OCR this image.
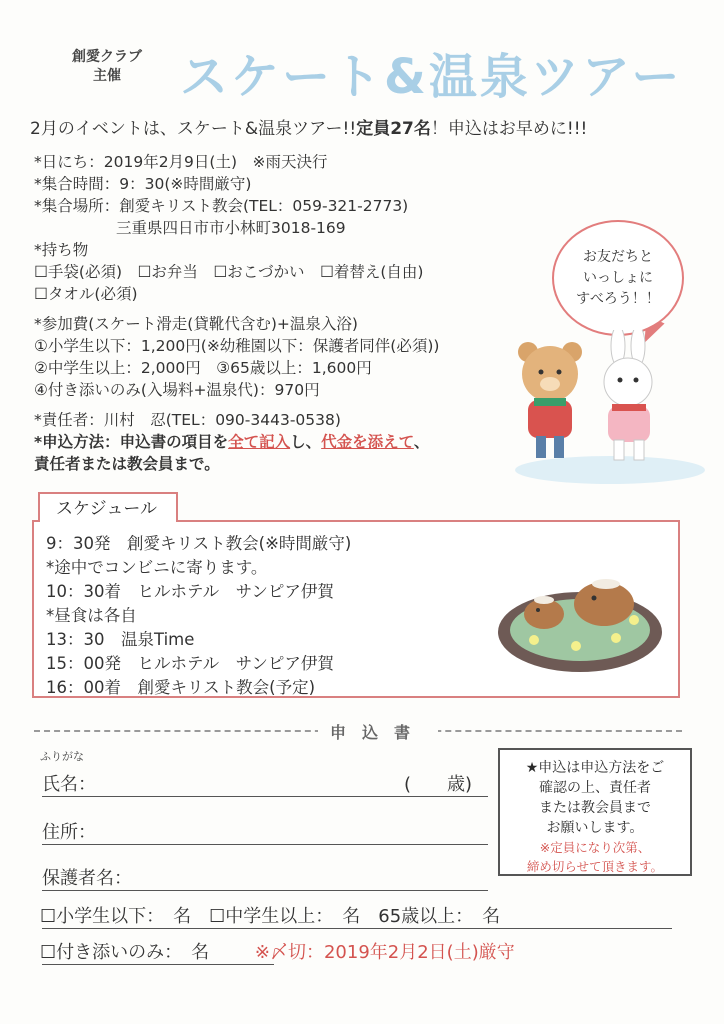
創愛クラブ
主催	スケート&温泉ツアー
2月のイベントは、スケート&温泉ツアー!!定員27名！申込はお早めに!!!
*日にち：2019年2月9日(土)　※雨天決行
*集合時間：9：30(※時間厳守)
*集合場所：創愛キリスト教会(TEL：059-321-2773)
三重県四日市市小林町3018-169
*持ち物
☐手袋(必須)　☐お弁当　☐おこづかい　☐着替え(自由)
☐タオル(必須)
*参加費(スケート滑走(貸靴代含む)+温泉入浴)
①小学生以下：1,200円(※幼稚園以下：保護者同伴(必須))
②中学生以上：2,000円　③65歳以上：1,600円
④付き添いのみ(入場料+温泉代)：970円
*責任者：川村　忍(TEL：090-3443-0538)
*申込方法：申込書の項目を全て記入し、代金を添えて、
責任者または教会員まで。
お友だちと
いっしょに
すべろう！！
9：30発　創愛キリスト教会(※時間厳守)
*途中でコンビニに寄ります。
10：30着　ヒルホテル　サンピア伊賀
*昼食は各自
13：30　温泉Time
15：00発　ヒルホテル　サンピア伊賀
16：00着　創愛キリスト教会(予定)
スケジュール
申込書
ふりがな
氏名：	(　　歳)
住所：
保護者名：
★申込は申込方法をご
確認の上、責任者
または教会員まで
お願いします。
※定員になり次第、
締め切らせて頂きます。
☐小学生以下：　名　☐中学生以上：　名　65歳以上：　名
☐付き添いのみ：　名	※〆切：2019年2月2日(土)厳守
